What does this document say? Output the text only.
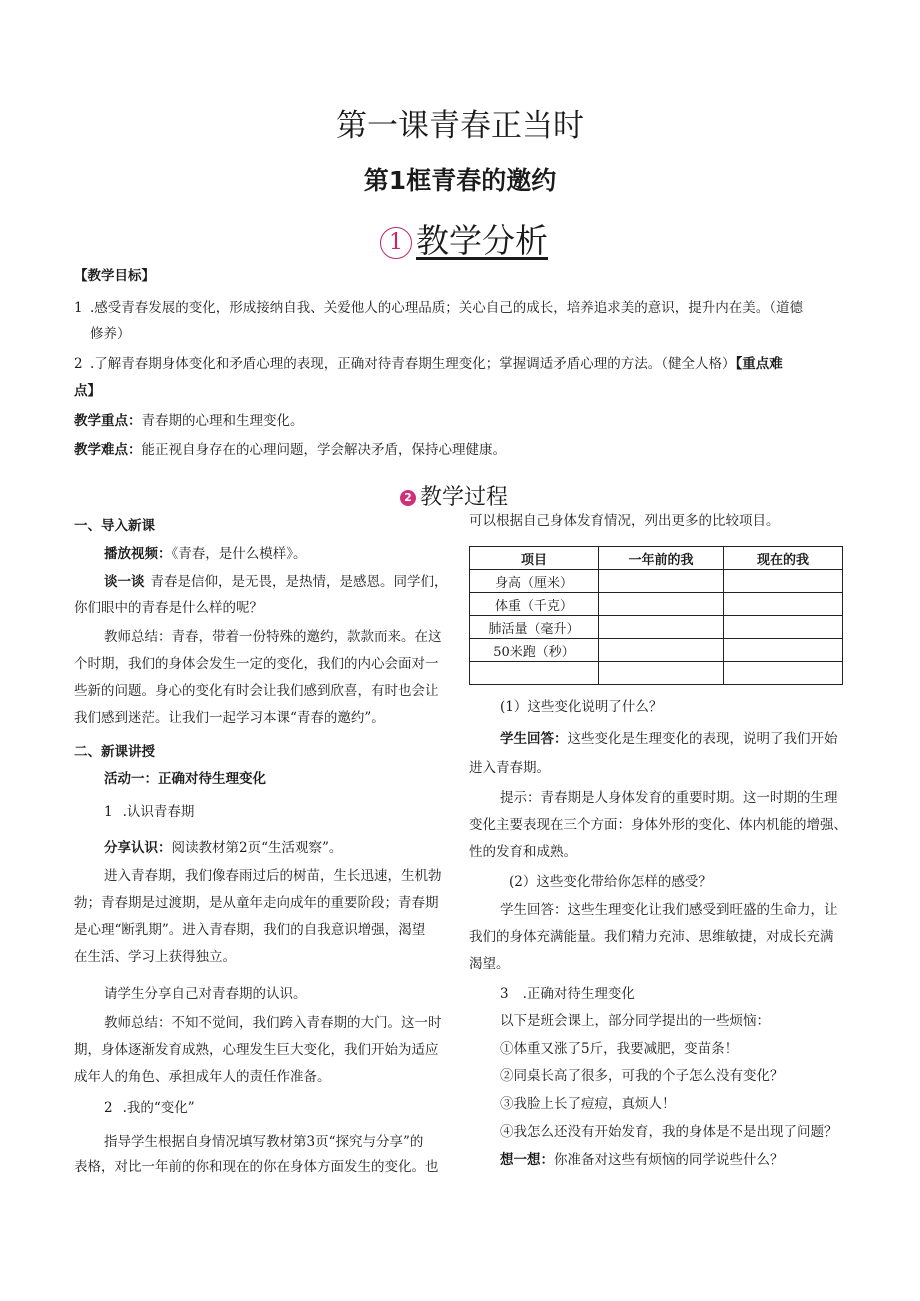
第一课青春正当时
第1框青春的邀约
1 教学分析
【教学目标】
1 .感受青春发展的变化，形成接纳自我、关爱他人的心理品质；关心自己的成长，培养追求美的意识，提升内在美。（道德
修养）
2 .了解青春期身体变化和矛盾心理的表现，正确对待青春期生理变化；掌握调适矛盾心理的方法。（健全人格）【重点难
点】
教学重点：青春期的心理和生理变化。
教学难点：能正视自身存在的心理问题，学会解决矛盾，保持心理健康。
2 教学过程
一、导入新课
播放视频：《青春，是什么模样》。
谈一谈 青春是信仰，是无畏，是热情，是感恩。同学们，
你们眼中的青春是什么样的呢？
教师总结：青春，带着一份特殊的邀约，款款而来。在这
个时期，我们的身体会发生一定的变化，我们的内心会面对一
些新的问题。身心的变化有时会让我们感到欣喜，有时也会让
我们感到迷茫。让我们一起学习本课“青春的邀约”。
二、新课讲授
活动一：正确对待生理变化
1 .认识青春期
分享认识：阅读教材第2页“生活观察”。
进入青春期，我们像春雨过后的树苗，生长迅速，生机勃
勃；青春期是过渡期，是从童年走向成年的重要阶段；青春期
是心理“断乳期”。进入青春期，我们的自我意识增强，渴望
在生活、学习上获得独立。
请学生分享自己对青春期的认识。
教师总结：不知不觉间，我们跨入青春期的大门。这一时
期，身体逐渐发育成熟，心理发生巨大变化，我们开始为适应
成年人的角色、承担成年人的责任作准备。
2 .我的“变化”
指导学生根据自身情况填写教材第3页“探究与分享”的
表格，对比一年前的你和现在的你在身体方面发生的变化。也
可以根据自己身体发育情况，列出更多的比较项目。
项目	一年前的我	现在的我
身高（厘米）		
体重（千克）		
肺活量（毫升）		
50米跑（秒）		

(1）这些变化说明了什么？
学生回答：这些变化是生理变化的表现，说明了我们开始
进入青春期。
提示：青春期是人身体发育的重要时期。这一时期的生理
变化主要表现在三个方面：身体外形的变化、体内机能的增强、
性的发育和成熟。
(2）这些变化带给你怎样的感受？
学生回答：这些生理变化让我们感受到旺盛的生命力，让
我们的身体充满能量。我们精力充沛、思维敏捷，对成长充满
渴望。
3 .正确对待生理变化
以下是班会课上，部分同学提出的一些烦恼：
①体重又涨了5斤，我要减肥，变苗条！
②同桌长高了很多，可我的个子怎么没有变化？
③我脸上长了痘痘，真烦人！
④我怎么还没有开始发育，我的身体是不是出现了问题？
想一想：你准备对这些有烦恼的同学说些什么？
